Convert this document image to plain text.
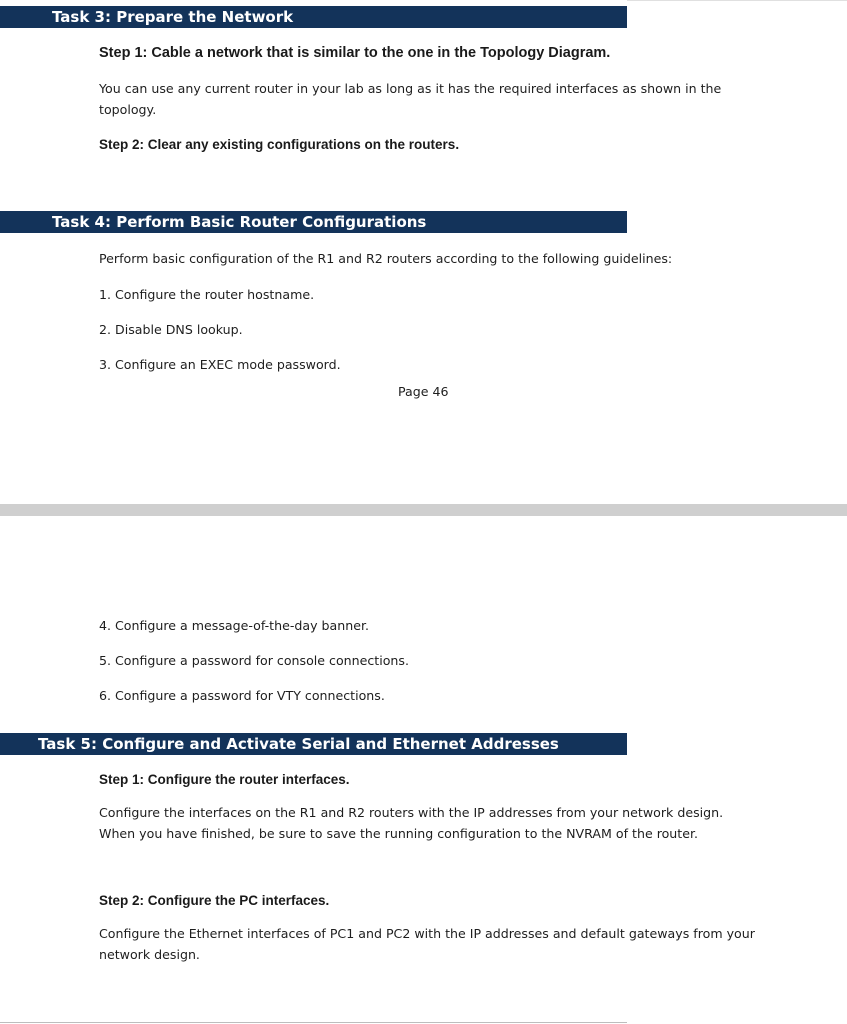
Task 3: Prepare the Network
Step 1: Cable a network that is similar to the one in the Topology Diagram.
You can use any current router in your lab as long as it has the required interfaces as shown in the
topology.
Step 2: Clear any existing configurations on the routers.
Task 4: Perform Basic Router Configurations
Perform basic configuration of the R1 and R2 routers according to the following guidelines:
1. Configure the router hostname.
2. Disable DNS lookup.
3. Configure an EXEC mode password.
Page 46
4. Configure a message-of-the-day banner.
5. Configure a password for console connections.
6. Configure a password for VTY connections.
Task 5: Configure and Activate Serial and Ethernet Addresses
Step 1: Configure the router interfaces.
Configure the interfaces on the R1 and R2 routers with the IP addresses from your network design.
When you have finished, be sure to save the running configuration to the NVRAM of the router.
Step 2: Configure the PC interfaces.
Configure the Ethernet interfaces of PC1 and PC2 with the IP addresses and default gateways from your
network design.
